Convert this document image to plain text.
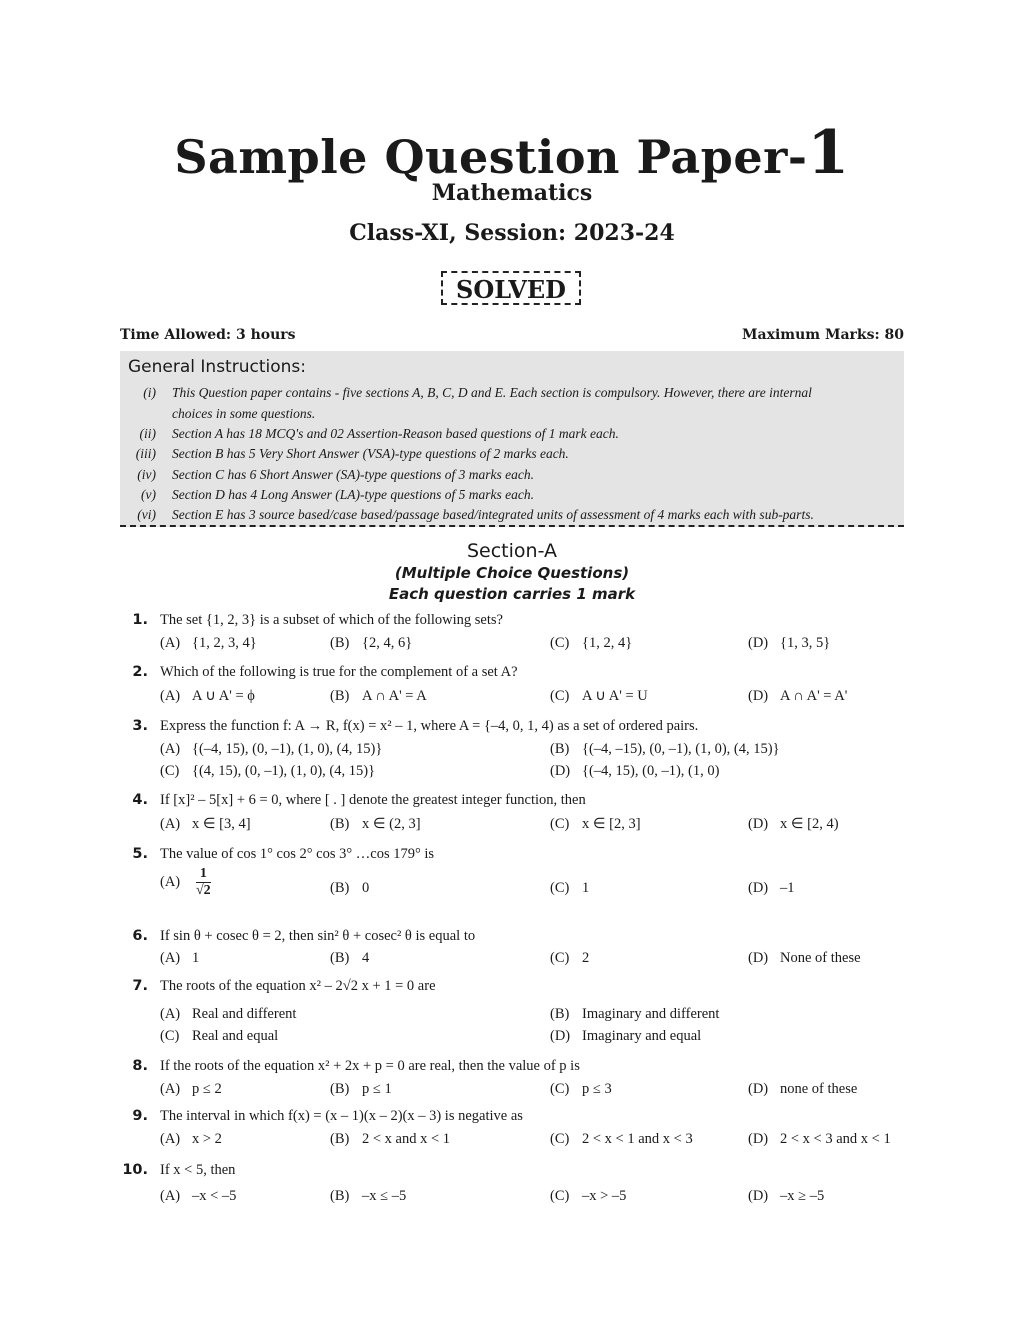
Sample Question Paper-1
Mathematics
Class-XI, Session: 2023-24
SOLVED
Time Allowed: 3 hours	Maximum Marks: 80
General Instructions:
(i) This Question paper contains - five sections A, B, C, D and E. Each section is compulsory. However, there are internal
choices in some questions.
(ii) Section A has 18 MCQ's and 02 Assertion-Reason based questions of 1 mark each.
(iii) Section B has 5 Very Short Answer (VSA)-type questions of 2 marks each.
(iv) Section C has 6 Short Answer (SA)-type questions of 3 marks each.
(v) Section D has 4 Long Answer (LA)-type questions of 5 marks each.
(vi) Section E has 3 source based/case based/passage based/integrated units of assessment of 4 marks each with sub-parts.
Section-A
(Multiple Choice Questions)
Each question carries 1 mark
1. The set {1, 2, 3} is a subset of which of the following sets?
(A) {1, 2, 3, 4}	(B) {2, 4, 6}	(C) {1, 2, 4}	(D) {1, 3, 5}
2. Which of the following is true for the complement of a set A?
(A) A ∪ A' = ϕ	(B) A ∩ A' = A	(C) A ∪ A' = U	(D) A ∩ A' = A'
3. Express the function f: A → R, f(x) = x² – 1, where A = {–4, 0, 1, 4) as a set of ordered pairs.
(A) {(–4, 15), (0, –1), (1, 0), (4, 15)}	(B) {(–4, –15), (0, –1), (1, 0), (4, 15)}
(C) {(4, 15), (0, –1), (1, 0), (4, 15)}	(D) {(–4, 15), (0, –1), (1, 0)
4. If [x]² – 5[x] + 6 = 0, where [ . ] denote the greatest integer function, then
(A) x ∈ [3, 4]	(B) x ∈ (2, 3]	(C) x ∈ [2, 3]	(D) x ∈ [2, 4)
5. The value of cos 1° cos 2° cos 3° …cos 179° is
$(A) \frac{1}{√2}$	(B) 0	(C) 1	(D) –1
6. If sin θ + cosec θ = 2, then sin² θ + cosec² θ is equal to
(A) 1	(B) 4	(C) 2	(D) None of these
7. The roots of the equation x² – 2√2 x + 1 = 0 are
(A) Real and different	(B) Imaginary and different
(C) Real and equal	(D) Imaginary and equal
8. If the roots of the equation x² + 2x + p = 0 are real, then the value of p is
(A) p ≤ 2	(B) p ≤ 1	(C) p ≤ 3	(D) none of these
9. The interval in which f(x) = (x – 1)(x – 2)(x – 3) is negative as
(A) x > 2	(B) 2 < x and x < 1	(C) 2 < x < 1 and x < 3	(D) 2 < x < 3 and x < 1
10. If x < 5, then
(A) –x < –5	(B) –x ≤ –5	(C) –x > –5	(D) –x ≥ –5
